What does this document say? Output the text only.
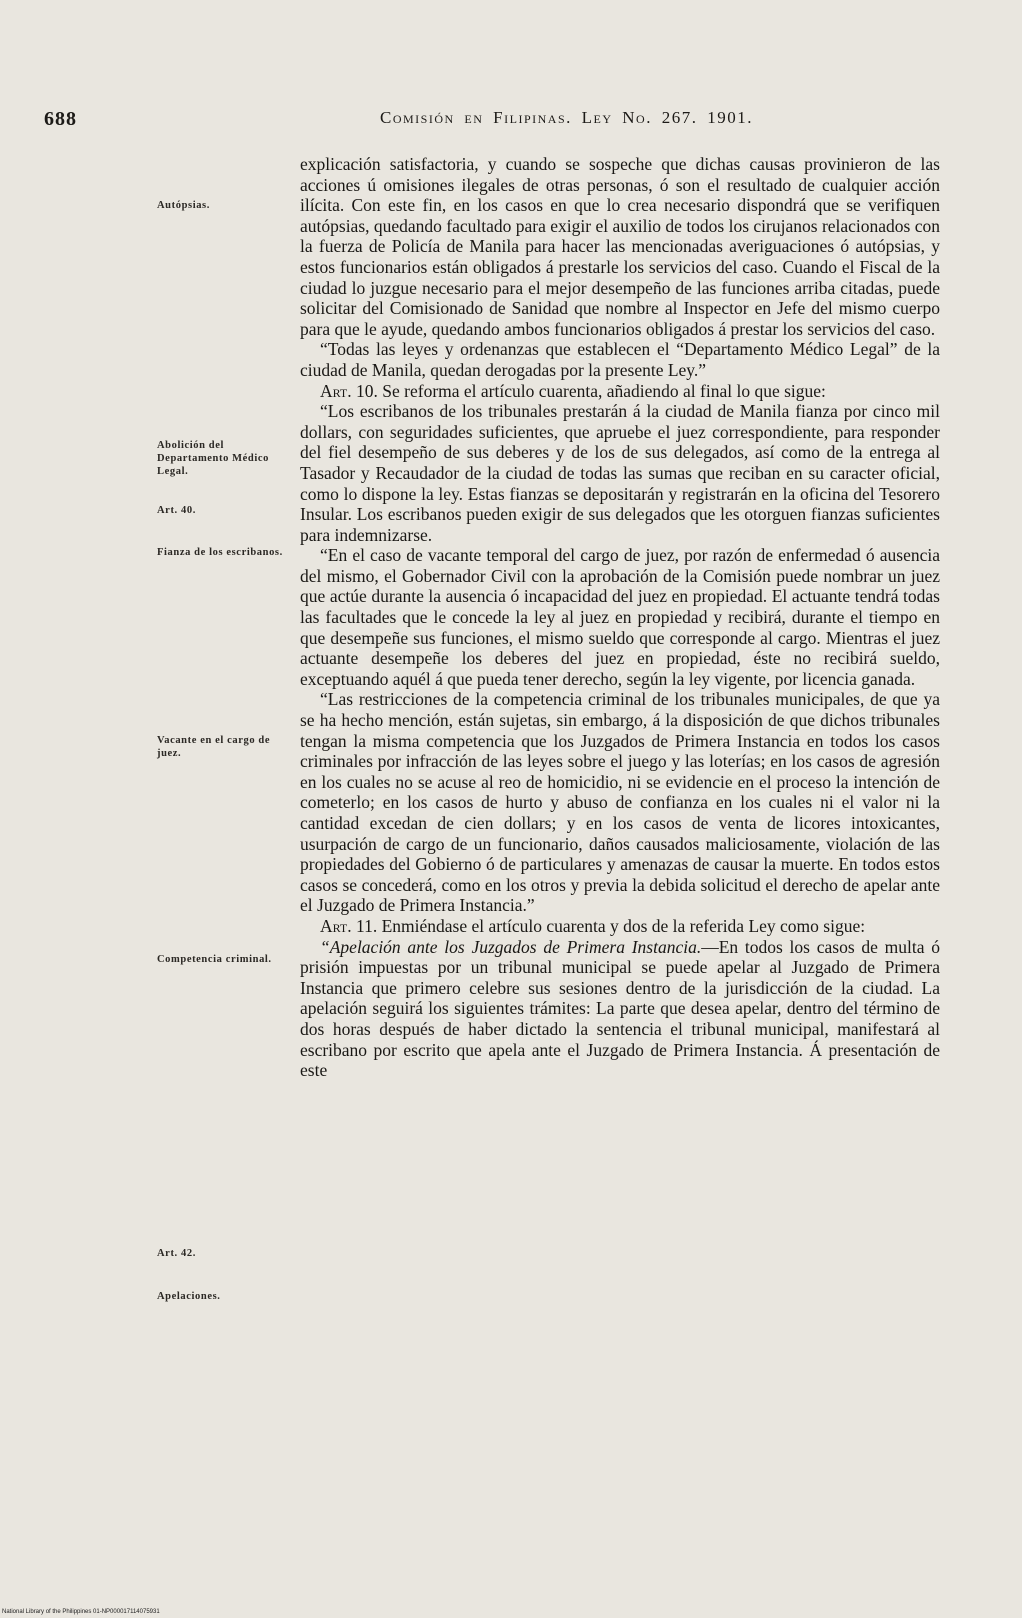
688	Comisión en Filipinas. Ley No. 267. 1901.
Autópsias.
Abolición del Departamento Médico Legal.
Art. 40.
Fianza de los escribanos.
Vacante en el cargo de juez.
Competencia criminal.
Art. 42.
Apelaciones.

explicación satisfactoria, y cuando se sospeche que dichas causas provinieron de las acciones ú omisiones ilegales de otras personas, ó son el resultado de cualquier acción ilícita. Con este fin, en los casos en que lo crea necesario dispondrá que se verifiquen autópsias, quedando facultado para exigir el auxilio de todos los cirujanos relacionados con la fuerza de Policía de Manila para hacer las mencionadas averiguaciones ó autópsias, y estos funcionarios están obligados á prestarle los servicios del caso. Cuando el Fiscal de la ciudad lo juzgue necesario para el mejor desempeño de las funciones arriba citadas, puede solicitar del Comisionado de Sanidad que nombre al Inspector en Jefe del mismo cuerpo para que le ayude, quedando ambos funcionarios obligados á prestar los servicios del caso.

“Todas las leyes y ordenanzas que establecen el “Departamento Médico Legal” de la ciudad de Manila, quedan derogadas por la presente Ley.”

Art. 10. Se reforma el artículo cuarenta, añadiendo al final lo que sigue:

“Los escribanos de los tribunales prestarán á la ciudad de Manila fianza por cinco mil dollars, con seguridades suficientes, que apruebe el juez correspondiente, para responder del fiel desempeño de sus deberes y de los de sus delegados, así como de la entrega al Tasador y Recaudador de la ciudad de todas las sumas que reciban en su caracter oficial, como lo dispone la ley. Estas fianzas se depositarán y registrarán en la oficina del Tesorero Insular. Los escribanos pueden exigir de sus delegados que les otorguen fianzas suficientes para indemnizarse.

“En el caso de vacante temporal del cargo de juez, por razón de enfermedad ó ausencia del mismo, el Gobernador Civil con la aprobación de la Comisión puede nombrar un juez que actúe durante la ausencia ó incapacidad del juez en propiedad. El actuante tendrá todas las facultades que le concede la ley al juez en propiedad y recibirá, durante el tiempo en que desempeñe sus funciones, el mismo sueldo que corresponde al cargo. Mientras el juez actuante desempeñe los deberes del juez en propiedad, éste no recibirá sueldo, exceptuando aquél á que pueda tener derecho, según la ley vigente, por licencia ganada.

“Las restricciones de la competencia criminal de los tribunales municipales, de que ya se ha hecho mención, están sujetas, sin embargo, á la disposición de que dichos tribunales tengan la misma competencia que los Juzgados de Primera Instancia en todos los casos criminales por infracción de las leyes sobre el juego y las loterías; en los casos de agresión en los cuales no se acuse al reo de homicidio, ni se evidencie en el proceso la intención de cometerlo; en los casos de hurto y abuso de confianza en los cuales ni el valor ni la cantidad excedan de cien dollars; y en los casos de venta de licores intoxicantes, usurpación de cargo de un funcionario, daños causados maliciosamente, violación de las propiedades del Gobierno ó de particulares y amenazas de causar la muerte. En todos estos casos se concederá, como en los otros y previa la debida solicitud el derecho de apelar ante el Juzgado de Primera Instancia.”

Art. 11. Enmiéndase el artículo cuarenta y dos de la referida Ley como sigue:

“Apelación ante los Juzgados de Primera Instancia.—En todos los casos de multa ó prisión impuestas por un tribunal municipal se puede apelar al Juzgado de Primera Instancia que primero celebre sus sesiones dentro de la jurisdicción de la ciudad. La apelación seguirá los siguientes trámites: La parte que desea apelar, dentro del término de dos horas después de haber dictado la sentencia el tribunal municipal, manifestará al escribano por escrito que apela ante el Juzgado de Primera Instancia. Á presentación de este

National Library of the Philippines 01-NP000017114075931
